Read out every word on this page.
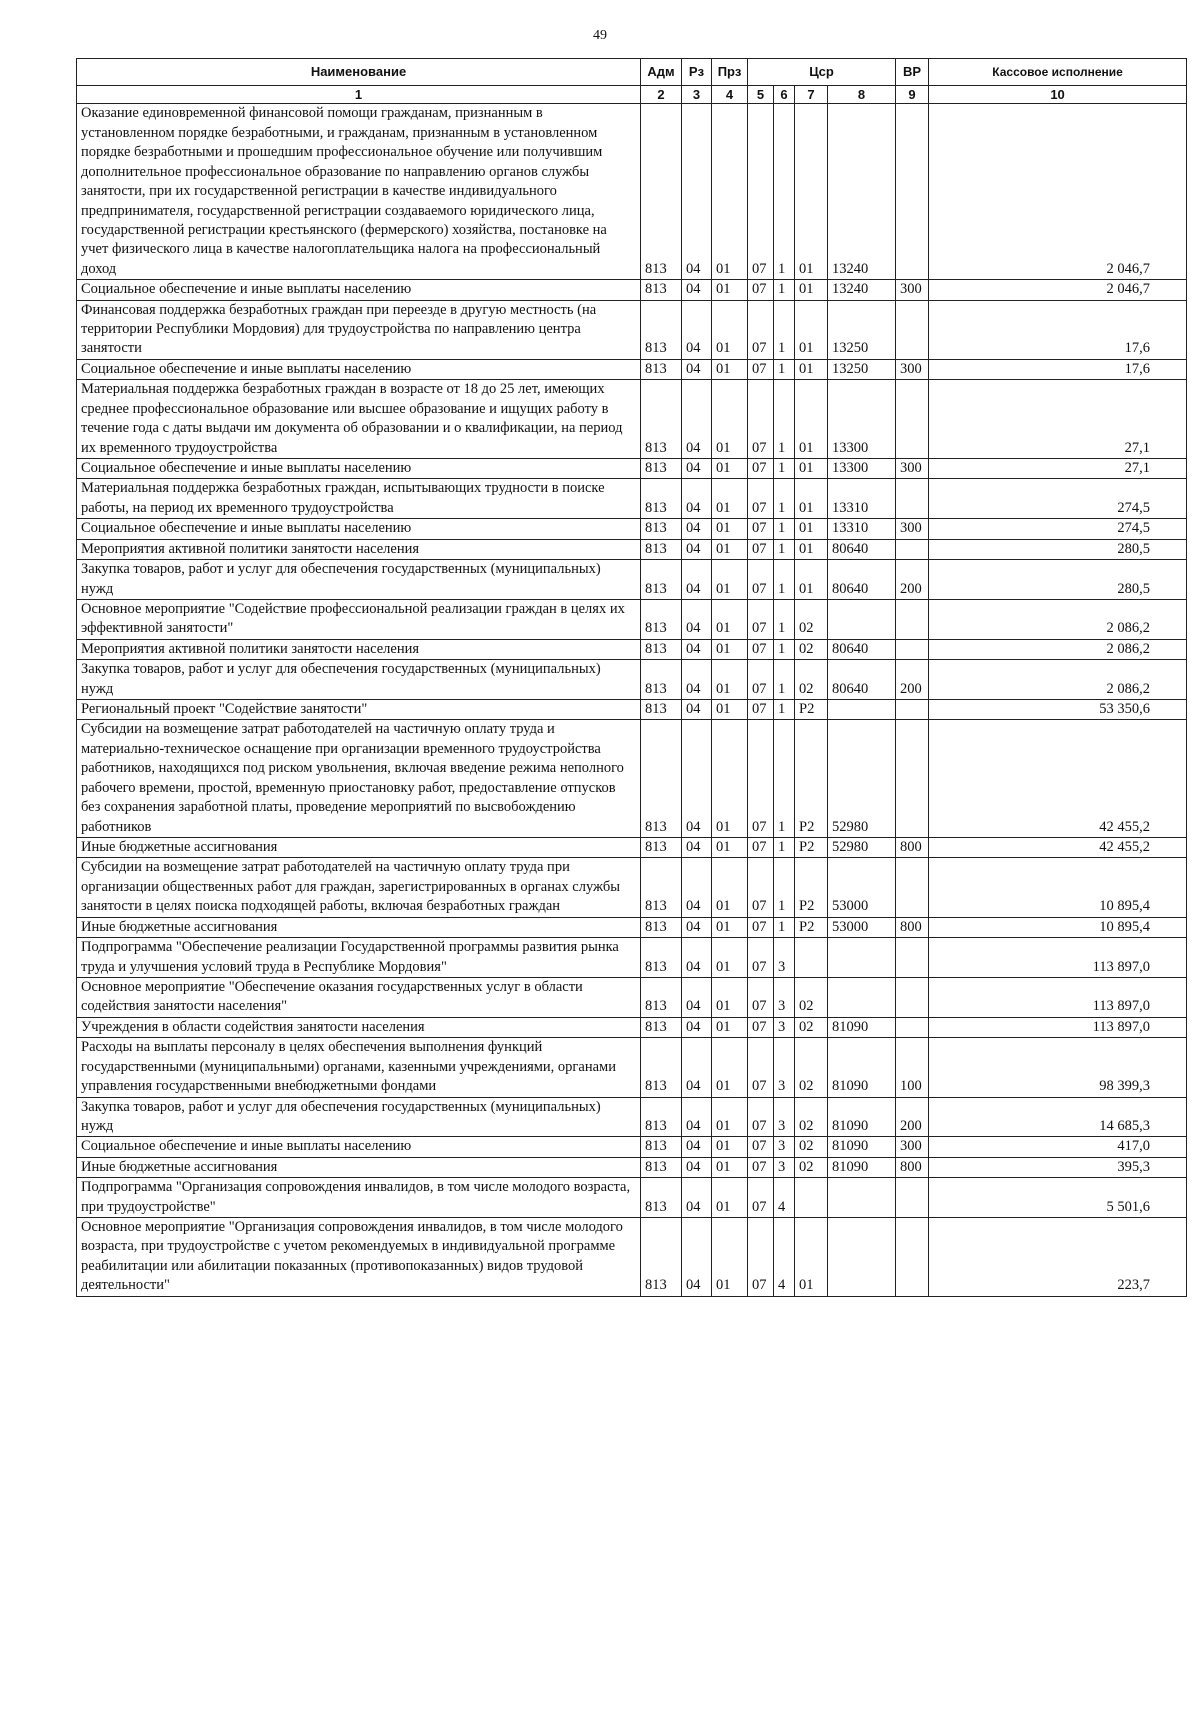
49
Наименование	Адм	Рз	Прз	Цср				ВР	Кассовое исполнение
1	2	3	4	5	6	7	8	9	10
Оказание единовременной финансовой помощи гражданам, признанным в установленном порядке безработными, и гражданам, признанным в установленном порядке безработными и прошедшим профессиональное обучение или получившим дополнительное профессиональное образование по направлению органов службы занятости, при их государственной регистрации в качестве индивидуального предпринимателя, государственной регистрации создаваемого юридического лица, государственной регистрации крестьянского (фермерского) хозяйства, постановке на учет физического лица в качестве налогоплательщика налога на профессиональный доход	813	04	01	07	1	01	13240		2 046,7
Социальное обеспечение и иные выплаты населению	813	04	01	07	1	01	13240	300	2 046,7
Финансовая поддержка безработных граждан при переезде в другую местность (на территории Республики Мордовия) для трудоустройства по направлению центра занятости	813	04	01	07	1	01	13250		17,6
Социальное обеспечение и иные выплаты населению	813	04	01	07	1	01	13250	300	17,6
Материальная поддержка безработных граждан в возрасте от 18 до 25 лет, имеющих среднее профессиональное образование или высшее образование и ищущих работу в течение года с даты выдачи им документа об образовании и о квалификации, на период их временного трудоустройства	813	04	01	07	1	01	13300		27,1
Социальное обеспечение и иные выплаты населению	813	04	01	07	1	01	13300	300	27,1
Материальная поддержка безработных граждан, испытывающих трудности в поиске работы, на период их временного трудоустройства	813	04	01	07	1	01	13310		274,5
Социальное обеспечение и иные выплаты населению	813	04	01	07	1	01	13310	300	274,5
Мероприятия активной политики занятости населения	813	04	01	07	1	01	80640		280,5
Закупка товаров, работ и услуг для обеспечения государственных (муниципальных) нужд	813	04	01	07	1	01	80640	200	280,5
Основное мероприятие "Содействие профессиональной реализации граждан в целях их эффективной занятости"	813	04	01	07	1	02			2 086,2
Мероприятия активной политики занятости населения	813	04	01	07	1	02	80640		2 086,2
Закупка товаров, работ и услуг для обеспечения государственных (муниципальных) нужд	813	04	01	07	1	02	80640	200	2 086,2
Региональный проект "Содействие занятости"	813	04	01	07	1	P2			53 350,6
Субсидии на возмещение затрат работодателей на частичную оплату труда и материально-техническое оснащение при организации временного трудоустройства работников, находящихся под риском увольнения, включая введение режима неполного рабочего времени, простой, временную приостановку работ, предоставление отпусков без сохранения заработной платы, проведение мероприятий по высвобождению работников	813	04	01	07	1	P2	52980		42 455,2
Иные бюджетные ассигнования	813	04	01	07	1	P2	52980	800	42 455,2
Субсидии на возмещение затрат работодателей на частичную оплату труда при организации общественных работ для граждан, зарегистрированных в органах службы занятости в целях поиска подходящей работы, включая безработных граждан	813	04	01	07	1	P2	53000		10 895,4
Иные бюджетные ассигнования	813	04	01	07	1	P2	53000	800	10 895,4
Подпрограмма "Обеспечение реализации Государственной программы развития рынка труда и улучшения условий труда в Республике Мордовия"	813	04	01	07	3				113 897,0
Основное мероприятие "Обеспечение оказания государственных услуг в области содействия занятости населения"	813	04	01	07	3	02			113 897,0
Учреждения в области содействия занятости населения	813	04	01	07	3	02	81090		113 897,0
Расходы на выплаты персоналу в целях обеспечения выполнения функций государственными (муниципальными) органами, казенными учреждениями, органами управления государственными внебюджетными фондами	813	04	01	07	3	02	81090	100	98 399,3
Закупка товаров, работ и услуг для обеспечения государственных (муниципальных) нужд	813	04	01	07	3	02	81090	200	14 685,3
Социальное обеспечение и иные выплаты населению	813	04	01	07	3	02	81090	300	417,0
Иные бюджетные ассигнования	813	04	01	07	3	02	81090	800	395,3
Подпрограмма "Организация сопровождения инвалидов, в том числе молодого возраста, при трудоустройстве"	813	04	01	07	4				5 501,6
Основное мероприятие "Организация сопровождения инвалидов, в том числе молодого возраста, при трудоустройстве с учетом рекомендуемых в индивидуальной программе реабилитации или абилитации показанных (противопоказанных) видов трудовой деятельности"	813	04	01	07	4	01			223,7
